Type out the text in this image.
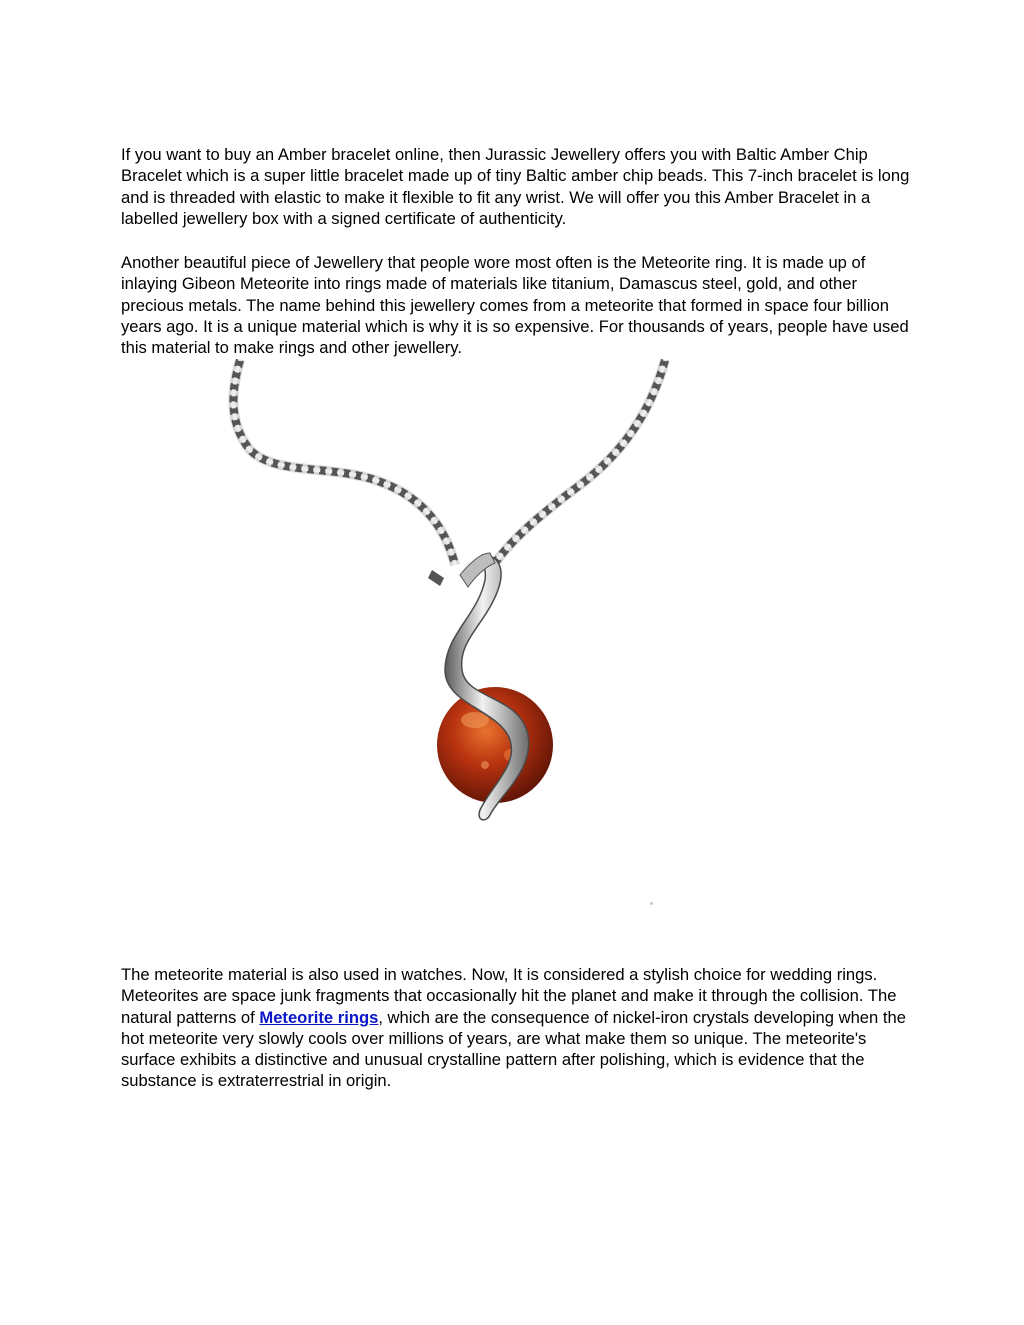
If you want to buy an Amber bracelet online, then Jurassic Jewellery offers you with Baltic Amber Chip Bracelet which is a super little bracelet made up of tiny Baltic amber chip beads. This 7-inch bracelet is long and is threaded with elastic to make it flexible to fit any wrist. We will offer you this Amber Bracelet in a labelled jewellery box with a signed certificate of authenticity.

Another beautiful piece of Jewellery that people wore most often is the Meteorite ring. It is made up of inlaying Gibeon Meteorite into rings made of materials like titanium, Damascus steel, gold, and other precious metals. The name behind this jewellery comes from a meteorite that formed in space four billion years ago. It is a unique material which is why it is so expensive. For thousands of years, people have used this material to make rings and other jewellery.

The meteorite material is also used in watches. Now, It is considered a stylish choice for wedding rings. Meteorites are space junk fragments that occasionally hit the planet and make it through the collision. The natural patterns of Meteorite rings, which are the consequence of nickel-iron crystals developing when the hot meteorite very slowly cools over millions of years, are what make them so unique. The meteorite's surface exhibits a distinctive and unusual crystalline pattern after polishing, which is evidence that the substance is extraterrestrial in origin.
